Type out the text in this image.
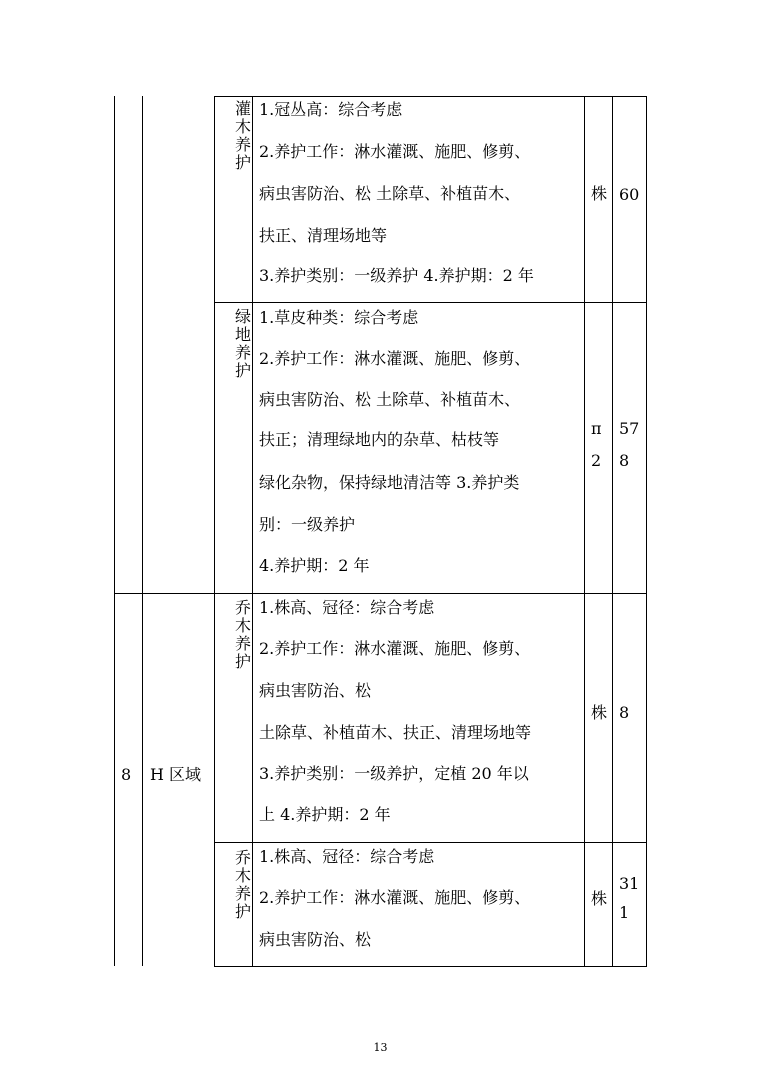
灌
木
养
护
1.冠丛高：综合考虑
2.养护工作：淋水灌溉、施肥、修剪、
病虫害防治、松 土除草、补植苗木、
扶正、清理场地等
3.养护类别：一级养护 4.养护期：2 年
株 60
绿
地
养
护
1.草皮种类：综合考虑
2.养护工作：淋水灌溉、施肥、修剪、
病虫害防治、松 土除草、补植苗木、
扶正；清理绿地内的杂草、枯枝等
绿化杂物，保持绿地清洁等 3.养护类
别：一级养护
4.养护期：2 年
π
2
57
8
8 H 区域
乔
木
养
护
1.株高、冠径：综合考虑
2.养护工作：淋水灌溉、施肥、修剪、
病虫害防治、松
土除草、补植苗木、扶正、清理场地等
3.养护类别：一级养护，定植 20 年以
上 4.养护期：2 年
株 8
乔
木
养
护
1.株高、冠径：综合考虑
2.养护工作：淋水灌溉、施肥、修剪、
病虫害防治、松
株
31
1
13
